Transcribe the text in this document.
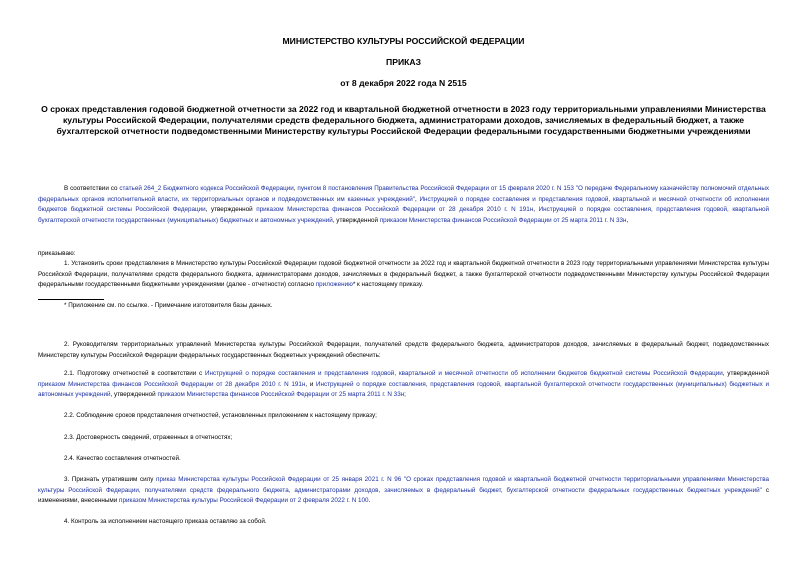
МИНИСТЕРСТВО КУЛЬТУРЫ РОССИЙСКОЙ ФЕДЕРАЦИИ
ПРИКАЗ
от 8 декабря 2022 года N 2515
О сроках представления годовой бюджетной отчетности за 2022 год и квартальной бюджетной отчетности в 2023 году территориальными управлениями Министерства культуры Российской Федерации, получателями средств федерального бюджета, администраторами доходов, зачисляемых в федеральный бюджет, а также бухгалтерской отчетности подведомственными Министерству культуры Российской Федерации федеральными государственными бюджетными учреждениями
В соответствии со статьей 264_2 Бюджетного кодекса Российской Федерации, пунктом 8 постановления Правительства Российской Федерации от 15 февраля 2020 г. N 153 "О передаче Федеральному казначейству полномочий отдельных федеральных органов исполнительной власти, их территориальных органов и подведомственных им казенных учреждений", Инструкцией о порядке составления и представления годовой, квартальной и месячной отчетности об исполнении бюджетов бюджетной системы Российской Федерации, утвержденной приказом Министерства финансов Российской Федерации от 28 декабря 2010 г. N 191н, Инструкцией о порядке составления, представления годовой, квартальной бухгалтерской отчетности государственных (муниципальных) бюджетных и автономных учреждений, утвержденной приказом Министерства финансов Российской Федерации от 25 марта 2011 г. N 33н,
приказываю:
1. Установить сроки представления в Министерство культуры Российской Федерации годовой бюджетной отчетности за 2022 год и квартальной бюджетной отчетности в 2023 году территориальными управлениями Министерства культуры Российской Федерации, получателями средств федерального бюджета, администраторами доходов, зачисляемых в федеральный бюджет, а также бухгалтерской отчетности подведомственными Министерству культуры Российской Федерации федеральными государственными бюджетными учреждениями (далее - отчетности) согласно приложению* к настоящему приказу.
* Приложение см. по ссылке. - Примечание изготовителя базы данных.
2. Руководителям территориальных управлений Министерства культуры Российской Федерации, получателей средств федерального бюджета, администраторов доходов, зачисляемых в федеральный бюджет, подведомственных Министерству культуры Российской Федерации федеральных государственных бюджетных учреждений обеспечить:
2.1. Подготовку отчетностей в соответствии с Инструкцией о порядке составления и представления годовой, квартальной и месячной отчетности об исполнении бюджетов бюджетной системы Российской Федерации, утвержденной приказом Министерства финансов Российской Федерации от 28 декабря 2010 г. N 191н, и Инструкцией о порядке составления, представления годовой, квартальной бухгалтерской отчетности государственных (муниципальных) бюджетных и автономных учреждений, утвержденной приказом Министерства финансов Российской Федерации от 25 марта 2011 г. N 33н;
2.2. Соблюдение сроков представления отчетностей, установленных приложением к настоящему приказу;
2.3. Достоверность сведений, отраженных в отчетностях;
2.4. Качество составления отчетностей.
3. Признать утратившим силу приказ Министерства культуры Российской Федерации от 25 января 2021 г. N 96 "О сроках представления годовой и квартальной бюджетной отчетности территориальными управлениями Министерства культуры Российской Федерации, получателями средств федерального бюджета, администраторами доходов, зачисляемых в федеральный бюджет, бухгалтерской отчетности федеральных государственных бюджетных учреждений" с изменениями, внесенными приказом Министерства культуры Российской Федерации от 2 февраля 2022 г. N 100.
4. Контроль за исполнением настоящего приказа оставляю за собой.
